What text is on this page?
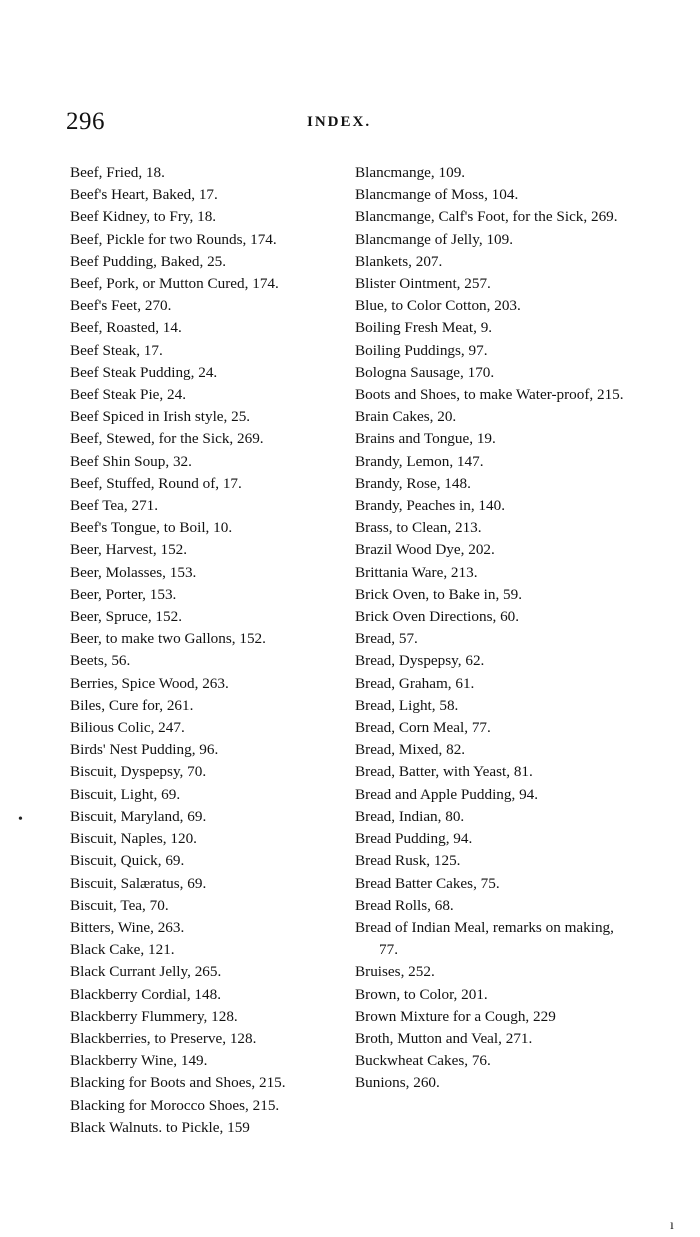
296	INDEX.
Beef, Fried, 18.
Beef's Heart, Baked, 17.
Beef Kidney, to Fry, 18.
Beef, Pickle for two Rounds, 174.
Beef Pudding, Baked, 25.
Beef, Pork, or Mutton Cured, 174.
Beef's Feet, 270.
Beef, Roasted, 14.
Beef Steak, 17.
Beef Steak Pudding, 24.
Beef Steak Pie, 24.
Beef Spiced in Irish style, 25.
Beef, Stewed, for the Sick, 269.
Beef Shin Soup, 32.
Beef, Stuffed, Round of, 17.
Beef Tea, 271.
Beef's Tongue, to Boil, 10.
Beer, Harvest, 152.
Beer, Molasses, 153.
Beer, Porter, 153.
Beer, Spruce, 152.
Beer, to make two Gallons, 152.
Beets, 56.
Berries, Spice Wood, 263.
Biles, Cure for, 261.
Bilious Colic, 247.
Birds' Nest Pudding, 96.
Biscuit, Dyspepsy, 70.
Biscuit, Light, 69.
Biscuit, Maryland, 69.
Biscuit, Naples, 120.
Biscuit, Quick, 69.
Biscuit, Salæratus, 69.
Biscuit, Tea, 70.
Bitters, Wine, 263.
Black Cake, 121.
Black Currant Jelly, 265.
Blackberry Cordial, 148.
Blackberry Flummery, 128.
Blackberries, to Preserve, 128.
Blackberry Wine, 149.
Blacking for Boots and Shoes, 215.
Blacking for Morocco Shoes, 215.
Black Walnuts. to Pickle, 159
Blancmange, 109.
Blancmange of Moss, 104.
Blancmange, Calf's Foot, for the Sick, 269.
Blancmange of Jelly, 109.
Blankets, 207.
Blister Ointment, 257.
Blue, to Color Cotton, 203.
Boiling Fresh Meat, 9.
Boiling Puddings, 97.
Bologna Sausage, 170.
Boots and Shoes, to make Water-proof, 215.
Brain Cakes, 20.
Brains and Tongue, 19.
Brandy, Lemon, 147.
Brandy, Rose, 148.
Brandy, Peaches in, 140.
Brass, to Clean, 213.
Brazil Wood Dye, 202.
Brittania Ware, 213.
Brick Oven, to Bake in, 59.
Brick Oven Directions, 60.
Bread, 57.
Bread, Dyspepsy, 62.
Bread, Graham, 61.
Bread, Light, 58.
Bread, Corn Meal, 77.
Bread, Mixed, 82.
Bread, Batter, with Yeast, 81.
Bread and Apple Pudding, 94.
Bread, Indian, 80.
Bread Pudding, 94.
Bread Rusk, 125.
Bread Batter Cakes, 75.
Bread Rolls, 68.
Bread of Indian Meal, remarks on making, 77.
Bruises, 252.
Brown, to Color, 201.
Brown Mixture for a Cough, 229
Broth, Mutton and Veal, 271.
Buckwheat Cakes, 76.
Bunions, 260.
•
ı
